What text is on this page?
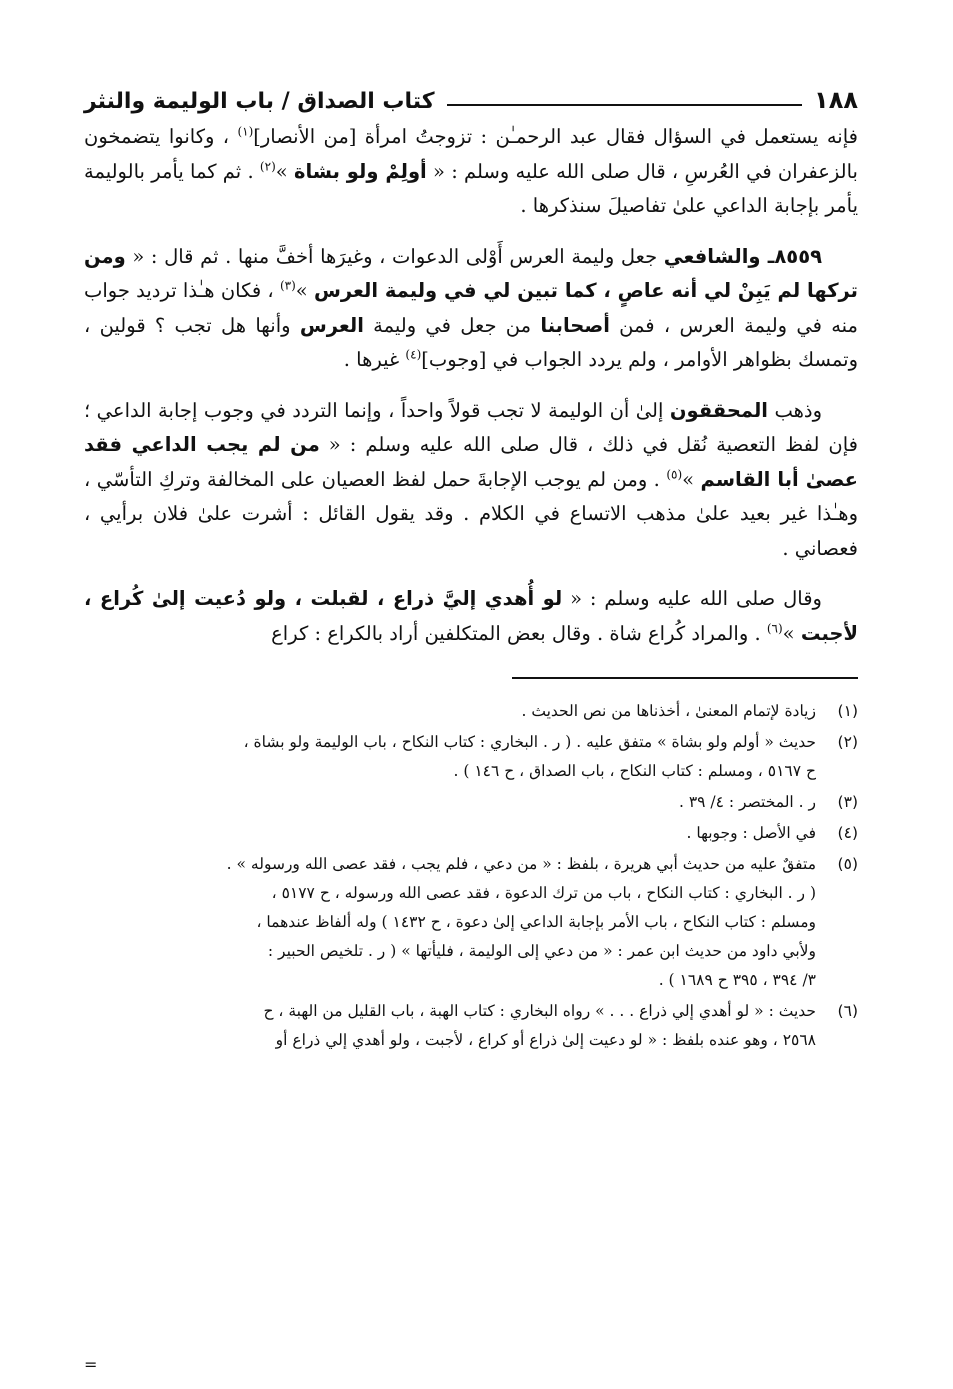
١٨٨
كتاب الصداق / باب الوليمة والنثر

فإنه يستعمل في السؤال فقال عبد الرحمـٰن : تزوجتُ امرأة [من الأنصار]$^{(١)}$ ، وكانوا يتضمخون بالزعفران في العُرسِ ، قال صلى الله عليه وسلم : « أولِمْ ولو بشاة »$^{(٢)}$ . ثم كما يأمر بالوليمة يأمر بإجابة الداعي علىٰ تفاصيلَ سنذكرها .

٨٥٥٩ـ والشافعي جعل وليمة العرس أَوْلى الدعوات ، وغيرَها أخفَّ منها . ثم قال : « ومن تركها لم يَبِنْ لي أنه عاصٍ ، كما تبين لي في وليمة العرس »$^{(٣)}$ ، فكان هـٰذا ترديد جواب منه في وليمة العرس ، فمن أصحابنا من جعل في وليمة العرس وأنها هل تجب ؟ قولين ، وتمسك بظواهر الأوامر ، ولم يردد الجواب في [وجوب]$^{(٤)}$ غيرها .

وذهب المحققون إلىٰ أن الوليمة لا تجب قولاً واحداً ، وإنما التردد في وجوب إجابة الداعي ؛ فإن لفظ التعصية نُقل في ذلك ، قال صلى الله عليه وسلم : « من لم يجب الداعي فقد عصىٰ أبا القاسم »$^{(٥)}$ . ومن لم يوجب الإجابةَ حمل لفظ العصيان على المخالفة وتركِ التأسّي ، وهـٰذا غير بعيد علىٰ مذهب الاتساع في الكلام . وقد يقول القائل : أشرت علىٰ فلان برأيي ، فعصاني .

وقال صلى الله عليه وسلم : « لو أُهدي إليَّ ذراع ، لقبلت ، ولو دُعيت إلىٰ كُراع ، لأجبت »$^{(٦)}$ . والمراد كُراع شاة . وقال بعض المتكلفين أراد بالكراع : كراع

(١)
زيادة لإتمام المعنىٰ ، أخذناها من نص الحديث .
(٢)
حديث « أولم ولو بشاة » متفق عليه . ( ر . البخاري : كتاب النكاح ، باب الوليمة ولو بشاة ،
ح ٥١٦٧ ، ومسلم : كتاب النكاح ، باب الصداق ، ح ١٤٦ ) .
(٣)
ر . المختصر : ٤/ ٣٩ .
(٤)
في الأصل : وجوبها .
(٥)
متفقٌ عليه من حديث أبي هريرة ، بلفظ : « من دعي ، فلم يجب ، فقد عصى الله ورسوله » .
( ر . البخاري : كتاب النكاح ، باب من ترك الدعوة ، فقد عصى الله ورسوله ، ح ٥١٧٧ ،
ومسلم : كتاب النكاح ، باب الأمر بإجابة الداعي إلىٰ دعوة ، ح ١٤٣٢ ) وله ألفاظ عندهما ،
ولأبي داود من حديث ابن عمر : « من دعي إلى الوليمة ، فليأتها » ( ر . تلخيص الحبير :
٣/ ٣٩٤ ، ٣٩٥ ح ١٦٨٩ ) .
(٦)
حديث : « لو أهدي إلي ذراع . . . » رواه البخاري : كتاب الهبة ، باب القليل من الهبة ، ح
٢٥٦٨ ، وهو عنده بلفظ : « لو دعيت إلىٰ ذراع أو كراع ، لأجبت ، ولو أهدي إلي ذراع أو
=
